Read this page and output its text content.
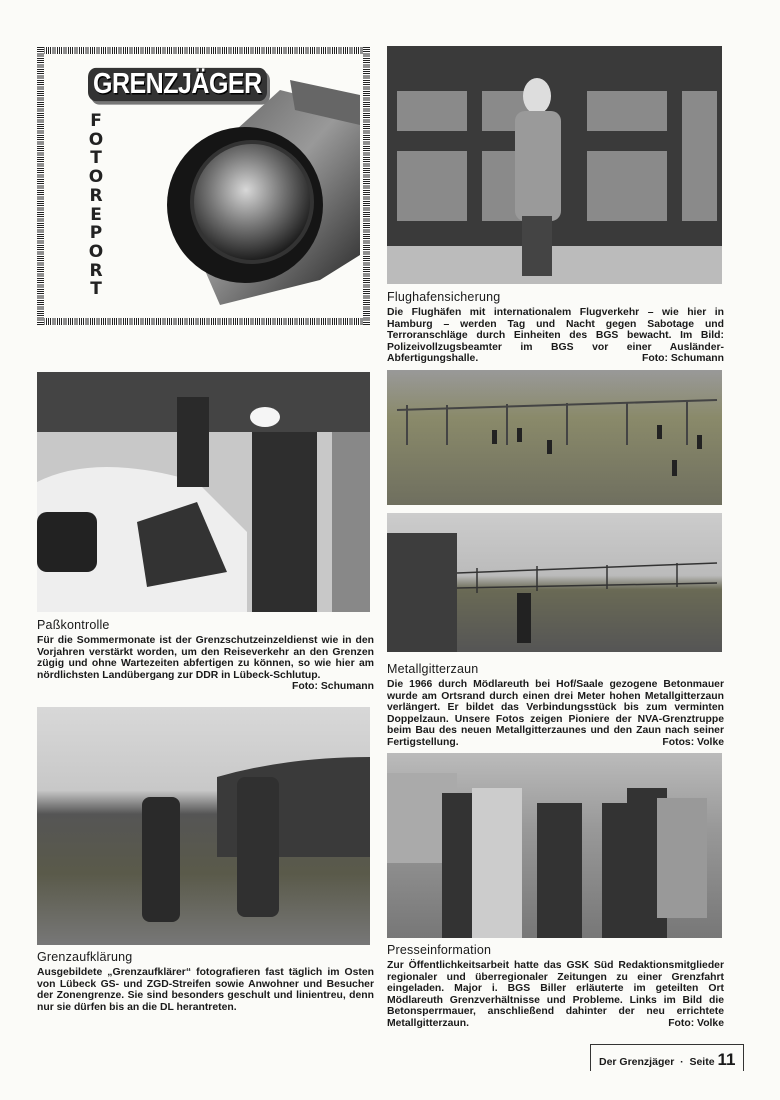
GRENZJÄGER
FOTOREPORT	Flughafensicherung

Die Flughäfen mit internationalem Flugverkehr – wie hier in Hamburg – werden Tag und Nacht gegen Sabotage und Terroranschläge durch Einheiten des BGS bewacht. Im Bild: Polizeivollzugsbeamter im BGS vor einer Ausländer-Abfertigungshalle.	Foto: Schumann

Paßkontrolle

Für die Sommermonate ist der Grenzschutzeinzeldienst wie in den Vorjahren verstärkt worden, um den Reiseverkehr an den Grenzen zügig und ohne Wartezeiten abfertigen zu können, so wie hier am nördlichsten Landübergang zur DDR in Lübeck-Schlutup.
Foto: Schumann

Metallgitterzaun

Die 1966 durch Mödlareuth bei Hof/Saale gezogene Betonmauer wurde am Ortsrand durch einen drei Meter hohen Metallgitterzaun verlängert. Er bildet das Verbindungsstück bis zum verminten Doppelzaun. Unsere Fotos zeigen Pioniere der NVA-Grenztruppe beim Bau des neuen Metallgitterzaunes und den Zaun nach seiner Fertigstellung.	Fotos: Volke

Grenzaufklärung

Ausgebildete „Grenzaufklärer“ fotografieren fast täglich im Osten von Lübeck GS- und ZGD-Streifen sowie Anwohner und Besucher der Zonengrenze. Sie sind besonders geschult und linientreu, denn nur sie dürfen bis an die DL herantreten.

Presseinformation

Zur Öffentlichkeitsarbeit hatte das GSK Süd Redaktionsmitglieder regionaler und überregionaler Zeitungen zu einer Grenzfahrt eingeladen. Major i. BGS Biller erläuterte im geteilten Ort Mödlareuth Grenzverhältnisse und Probleme. Links im Bild die Betonsperrmauer, anschließend dahinter der neu errichtete Metallgitterzaun.	Foto: Volke

Der Grenzjäger · Seite 11
